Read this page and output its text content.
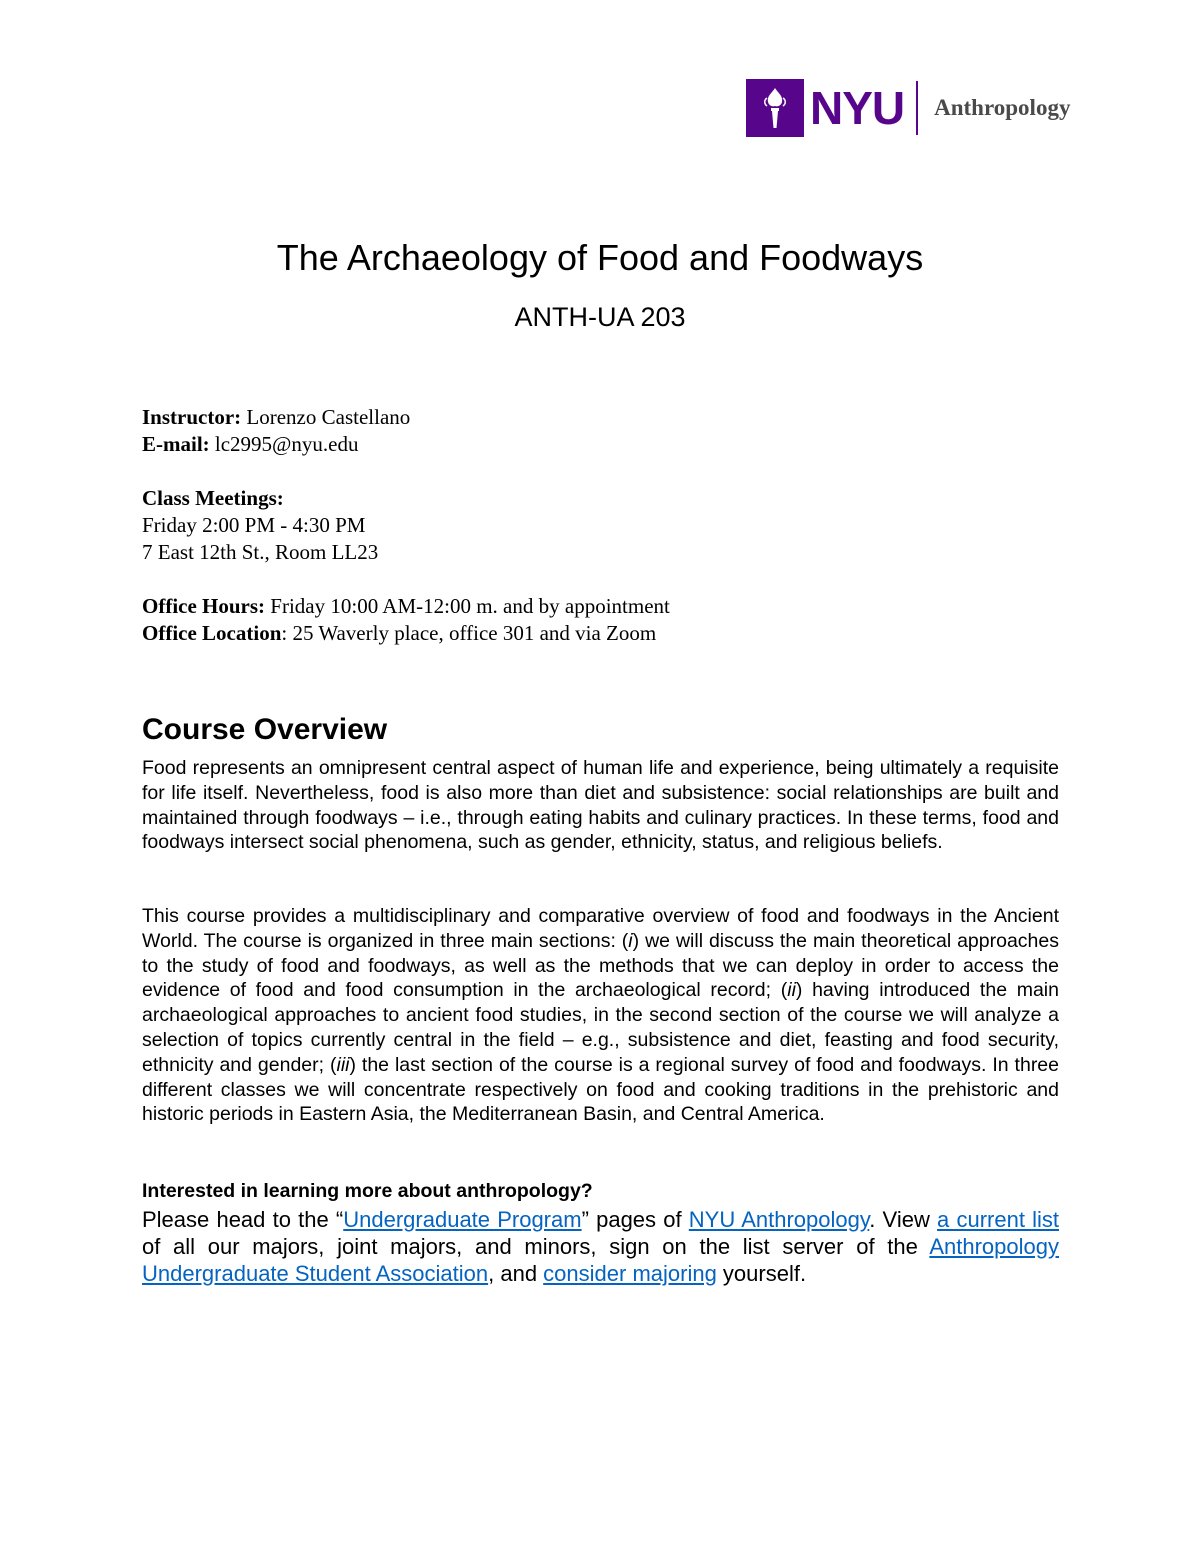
NYU Anthropology
The Archaeology of Food and Foodways
ANTH-UA 203
Instructor: Lorenzo Castellano
E-mail: lc2995@nyu.edu
Class Meetings:
Friday 2:00 PM - 4:30 PM
7 East 12th St., Room LL23
Office Hours: Friday 10:00 AM-12:00 m. and by appointment
Office Location: 25 Waverly place, office 301 and via Zoom
Course Overview
Food represents an omnipresent central aspect of human life and experience, being ultimately a requisite for life itself. Nevertheless, food is also more than diet and subsistence: social relationships are built and maintained through foodways – i.e., through eating habits and culinary practices. In these terms, food and foodways intersect social phenomena, such as gender, ethnicity, status, and religious beliefs.
This course provides a multidisciplinary and comparative overview of food and foodways in the Ancient World. The course is organized in three main sections: (i) we will discuss the main theoretical approaches to the study of food and foodways, as well as the methods that we can deploy in order to access the evidence of food and food consumption in the archaeological record; (ii) having introduced the main archaeological approaches to ancient food studies, in the second section of the course we will analyze a selection of topics currently central in the field – e.g., subsistence and diet, feasting and food security, ethnicity and gender; (iii) the last section of the course is a regional survey of food and foodways. In three different classes we will concentrate respectively on food and cooking traditions in the prehistoric and historic periods in Eastern Asia, the Mediterranean Basin, and Central America.
Interested in learning more about anthropology?
Please head to the “Undergraduate Program” pages of NYU Anthropology. View a current list of all our majors, joint majors, and minors, sign on the list server of the Anthropology Undergraduate Student Association, and consider majoring yourself.
